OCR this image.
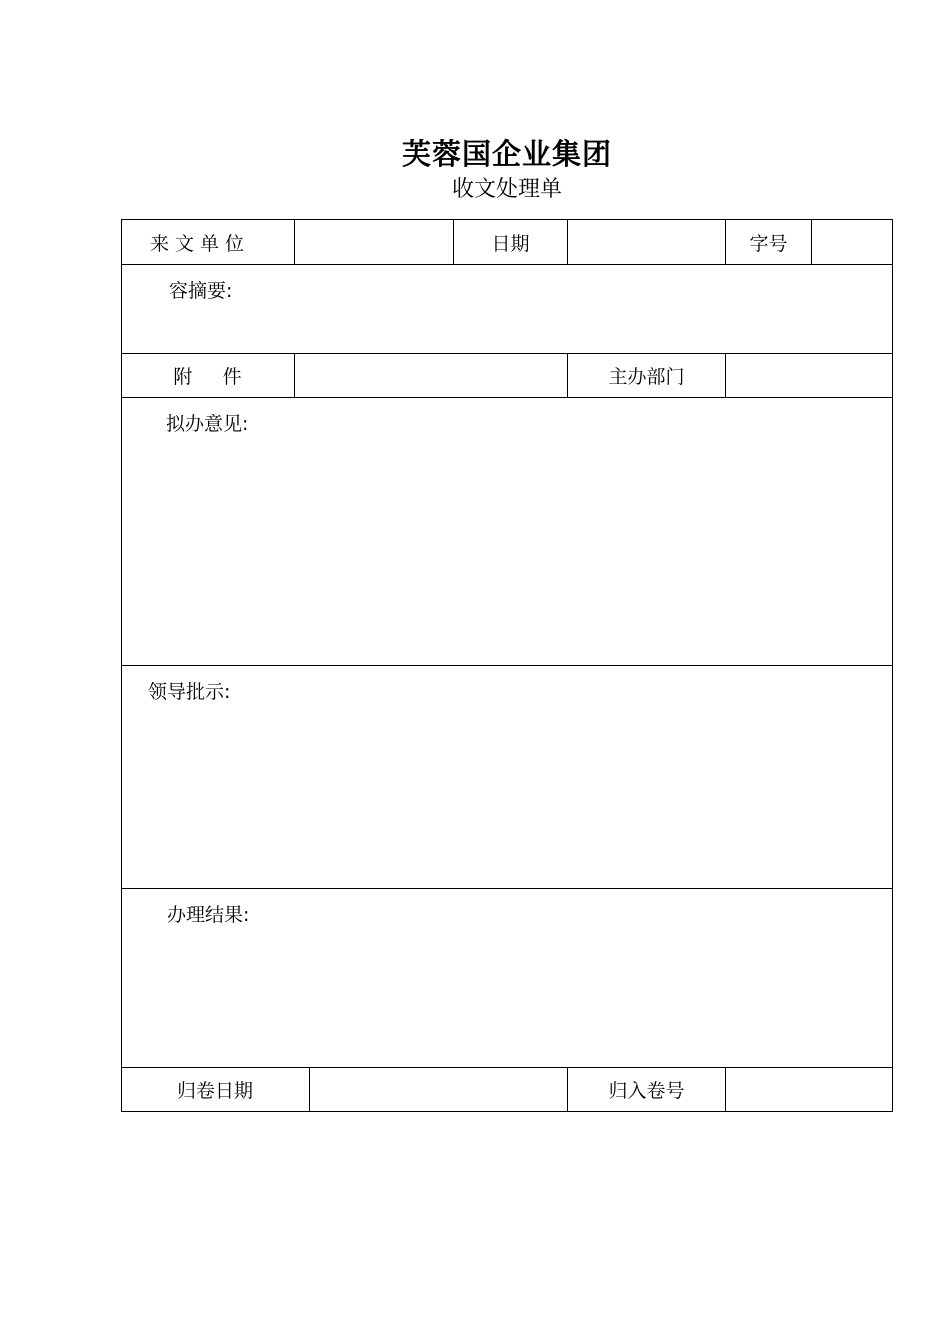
芙蓉国企业集团
收文处理单
来 文 单 位	日期	字号
容摘要:
附     件	主办部门
拟办意见:
领导批示:
办理结果:
归卷日期	归入卷号
